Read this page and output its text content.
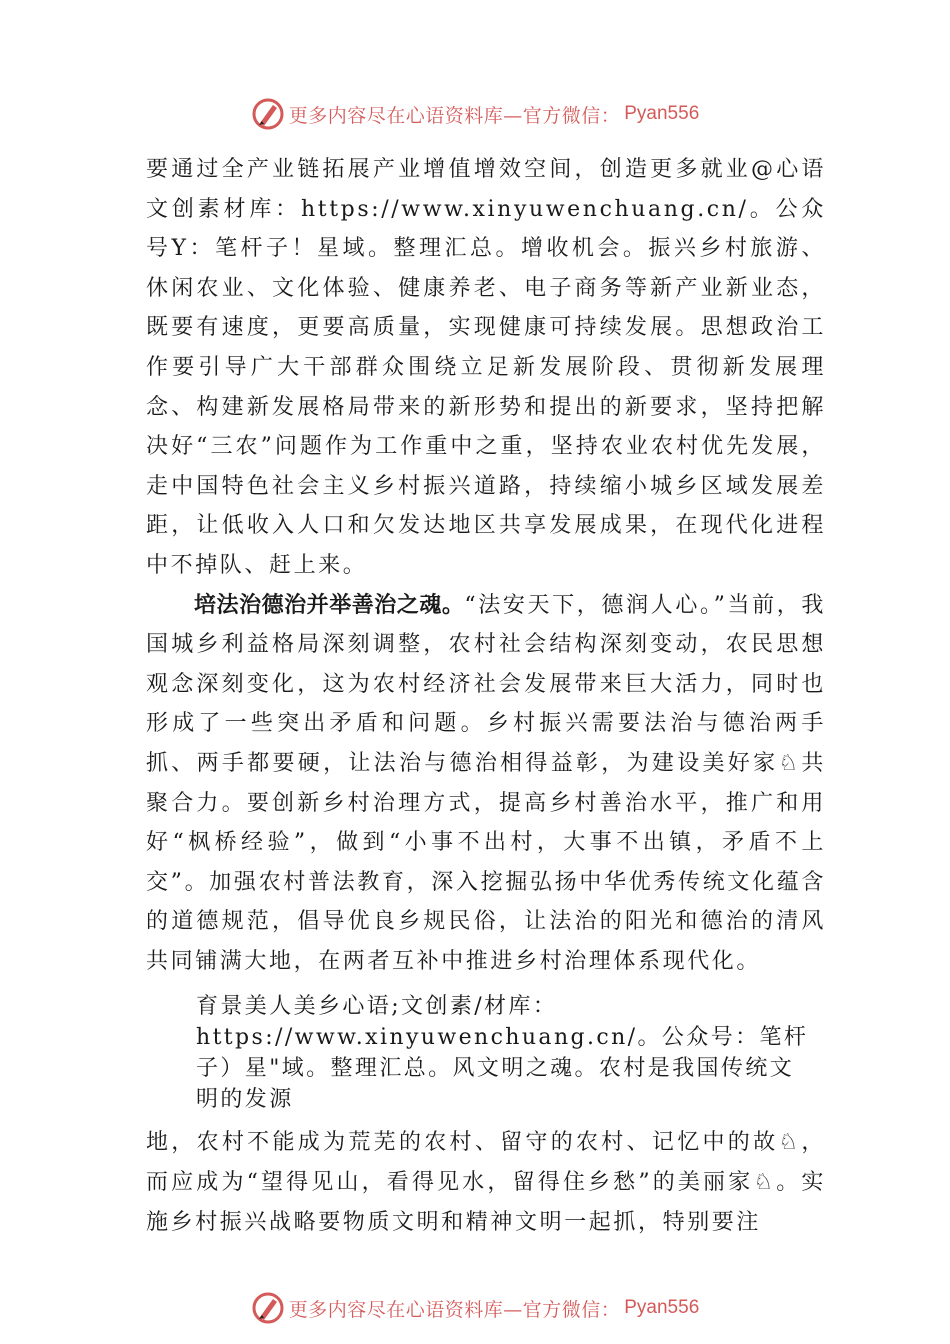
更多内容尽在心语资料库—官方微信： Pyan556

要通过全产业链拓展产业增值增效空间，创造更多就业@心语文创素材库：https://www.xinyuwenchuang.cn/。公众号Y：笔杆子！星域。整理汇总。增收机会。振兴乡村旅游、休闲农业、文化体验、健康养老、电子商务等新产业新业态，既要有速度，更要高质量，实现健康可持续发展。思想政治工作要引导广大干部群众围绕立足新发展阶段、贯彻新发展理念、构建新发展格局带来的新形势和提出的新要求，坚持把解决好“三农”问题作为工作重中之重，坚持农业农村优先发展，走中国特色社会主义乡村振兴道路，持续缩小城乡区域发展差距，让低收入人口和欠发达地区共享发展成果，在现代化进程中不掉队、赶上来。

培法治德治并举善治之魂。“法安天下，德润人心。”当前，我国城乡利益格局深刻调整，农村社会结构深刻变动，农民思想观念深刻变化，这为农村经济社会发展带来巨大活力，同时也形成了一些突出矛盾和问题。乡村振兴需要法治与德治两手抓、两手都要硬，让法治与德治相得益彰，为建设美好家♘共聚合力。要创新乡村治理方式，提高乡村善治水平，推广和用好“枫桥经验”，做到“小事不出村，大事不出镇，矛盾不上交”。加强农村普法教育，深入挖掘弘扬中华优秀传统文化蕴含的道德规范，倡导优良乡规民俗，让法治的阳光和德治的清风共同铺满大地，在两者互补中推进乡村治理体系现代化。

育景美人美乡心语;文创素/材库：https://www.xinyuwenchuang.cn/。公众号：笔杆子）星"域。整理汇总。风文明之魂。农村是我国传统文明的发源

地，农村不能成为荒芜的农村、留守的农村、记忆中的故♘，而应成为“望得见山，看得见水，留得住乡愁”的美丽家♘。实施乡村振兴战略要物质文明和精神文明一起抓，特别要注

更多内容尽在心语资料库—官方微信： Pyan556
